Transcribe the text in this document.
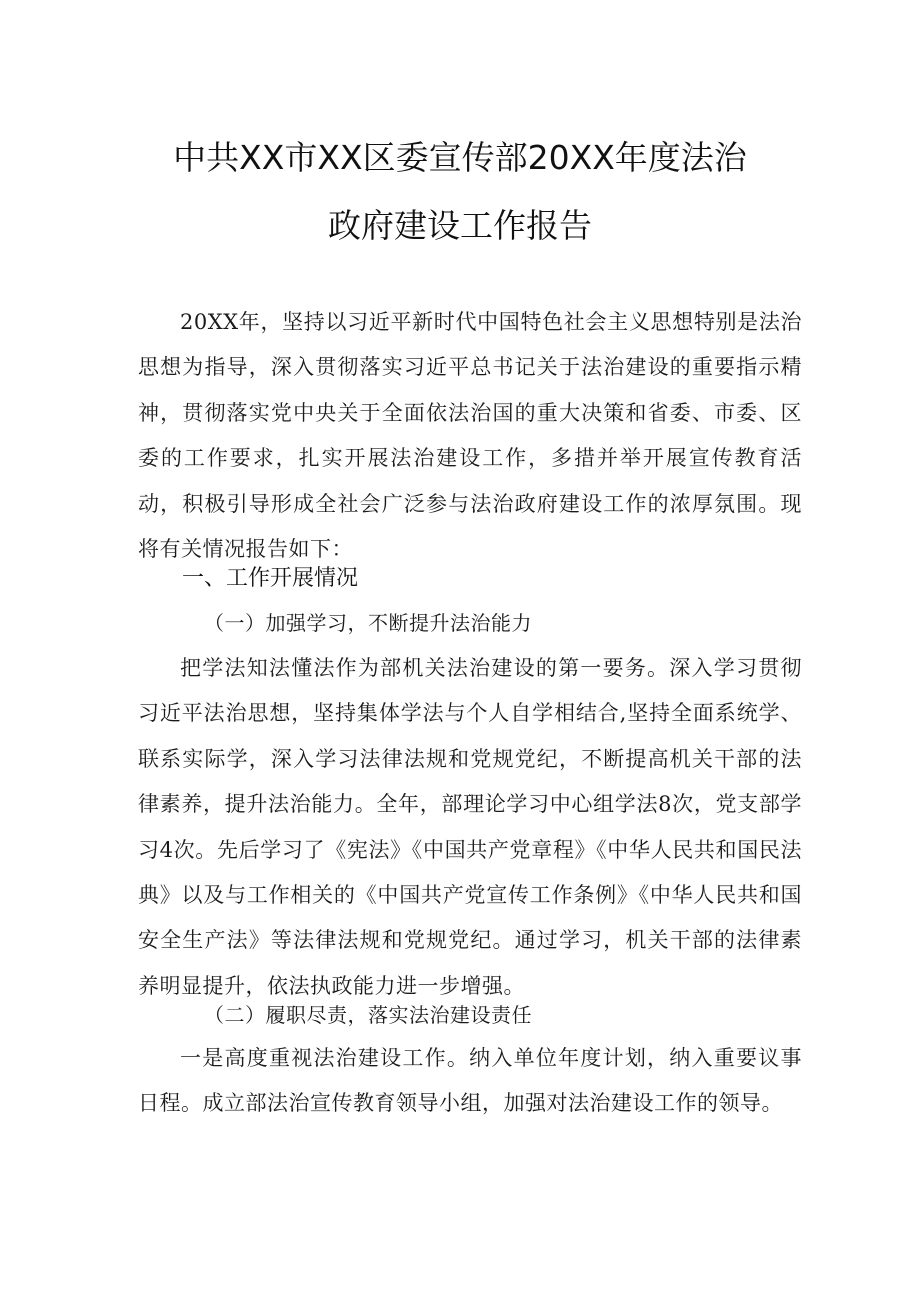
中共XX市XX区委宣传部20XX年度法治
政府建设工作报告

20XX年，坚持以习近平新时代中国特色社会主义思想特别是法治思想为指导，深入贯彻落实习近平总书记关于法治建设的重要指示精神，贯彻落实党中央关于全面依法治国的重大决策和省委、市委、区委的工作要求，扎实开展法治建设工作，多措并举开展宣传教育活动，积极引导形成全社会广泛参与法治政府建设工作的浓厚氛围。现将有关情况报告如下：

一、工作开展情况
（一）加强学习，不断提升法治能力

把学法知法懂法作为部机关法治建设的第一要务。深入学习贯彻习近平法治思想，坚持集体学法与个人自学相结合,坚持全面系统学、联系实际学，深入学习法律法规和党规党纪，不断提高机关干部的法律素养，提升法治能力。全年，部理论学习中心组学法8次，党支部学习4次。先后学习了《宪法》《中国共产党章程》《中华人民共和国民法典》以及与工作相关的《中国共产党宣传工作条例》《中华人民共和国安全生产法》等法律法规和党规党纪。通过学习，机关干部的法律素养明显提升，依法执政能力进一步增强。

（二）履职尽责，落实法治建设责任

一是高度重视法治建设工作。纳入单位年度计划，纳入重要议事日程。成立部法治宣传教育领导小组，加强对法治建设工作的领导。
